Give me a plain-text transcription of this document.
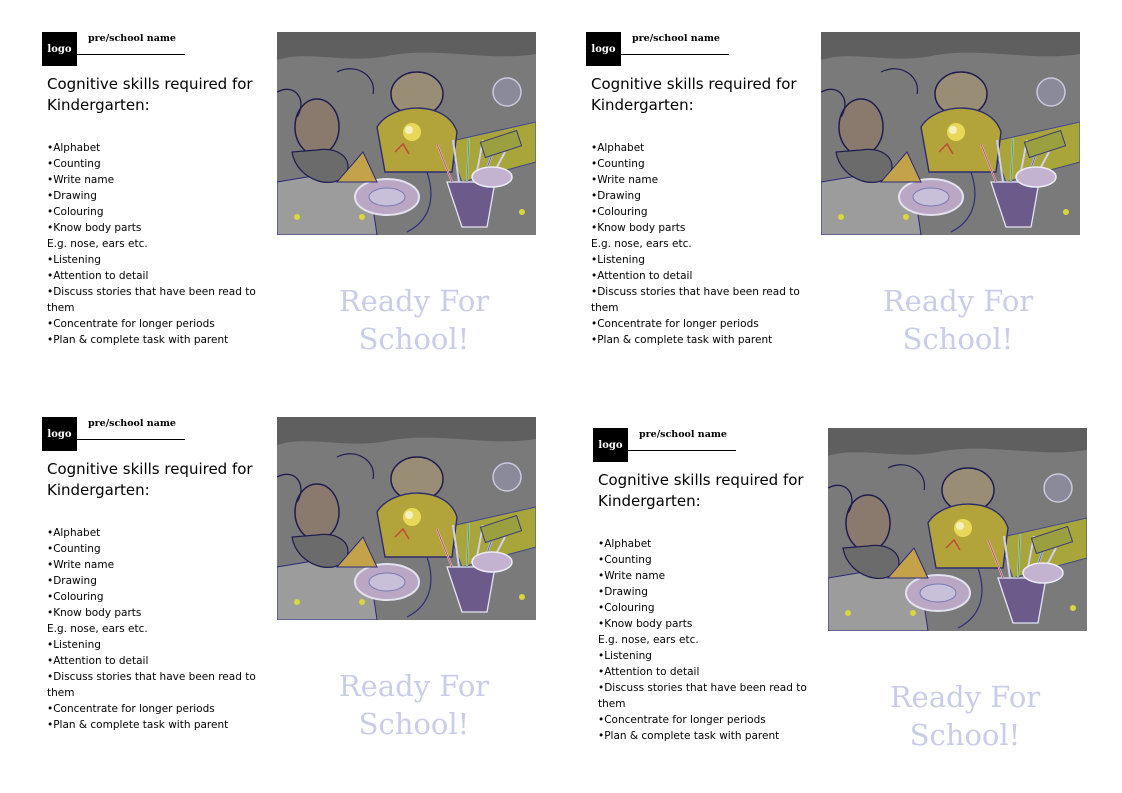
logo
pre/school name
Cognitive skills required for Kindergarten:
•Alphabet
•Counting
•Write name
•Drawing
•Colouring
•Know body parts
E.g. nose, ears etc.
•Listening
•Attention to detail
•Discuss stories that have been read to them
•Concentrate for longer periods
•Plan & complete task with parent
Ready For School!
logo
pre/school name
Cognitive skills required for Kindergarten:
•Alphabet
•Counting
•Write name
•Drawing
•Colouring
•Know body parts
E.g. nose, ears etc.
•Listening
•Attention to detail
•Discuss stories that have been read to them
•Concentrate for longer periods
•Plan & complete task with parent
Ready For School!
logo
pre/school name
Cognitive skills required for Kindergarten:
•Alphabet
•Counting
•Write name
•Drawing
•Colouring
•Know body parts
E.g. nose, ears etc.
•Listening
•Attention to detail
•Discuss stories that have been read to them
•Concentrate for longer periods
•Plan & complete task with parent
Ready For School!
logo
pre/school name
Cognitive skills required for Kindergarten:
•Alphabet
•Counting
•Write name
•Drawing
•Colouring
•Know body parts
E.g. nose, ears etc.
•Listening
•Attention to detail
•Discuss stories that have been read to them
•Concentrate for longer periods
•Plan & complete task with parent
Ready For School!
